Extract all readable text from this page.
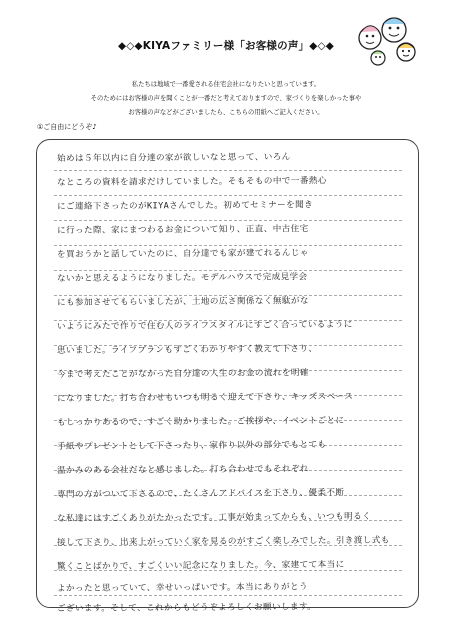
◆◇◆KIYAファミリー様「お客様の声」◆◇◆
私たちは地域で一番愛される住宅会社になりたいと思っています。
そのためにはお客様の声を聞くことが一番だと考えておりますので、家づくりを楽しかった事や
お客様の声などがございましたら、こちらの用紙へご記入ください。
①ご自由にどうぞ♪
始めは５年以内に自分達の家が欲しいなと思って、いろん
なところの資料を請求だけしていました。そもそもの中で一番熱心
にご連絡下さったのがKIYAさんでした。初めてセミナーを聞き
に行った際、家にまつわるお金について知り、正直、中古住宅
を買おうかと話していたのに、自分達でも家が建てれるんじゃ
ないかと思えるようになりました。モデルハウスで完成見学会
にも参加させてもらいましたが、土地の広さ関係なく無駄がな
いようにみたで作りで住む人のライフスタイルにすごく合っているように
思いました。ライフプランもすごくわかりやすく教えて下さり、
今まで考えたことがなかった自分達の人生のお金の流れを明確
になりました。打ち合わせもいつも明るく迎えて下さり、キッズスペース
もしっかりあるので、すごく助かりました。ご挨拶や、イベントごとに
手紙やプレゼントとして下さったり、家作り以外の部分でもとても
温かみのある会社だなと感じました。打ち合わせでもそれぞれ
専門の方がついて下さるので、たくさんアドバイスを下さり、優柔不断
な私達にはすごくありがたかったです。工事が始まってからも、いつも明るく
接して下さり、出来上がっていく家を見るのがすごく楽しみでした。引き渡し式も
驚くことばかりで、すごくいい記念になりました。今、家建てて本当に
よかったと思っていて、幸せいっぱいです。本当にありがとう
ございます。そして、これからもどうぞよろしくお願いします。
